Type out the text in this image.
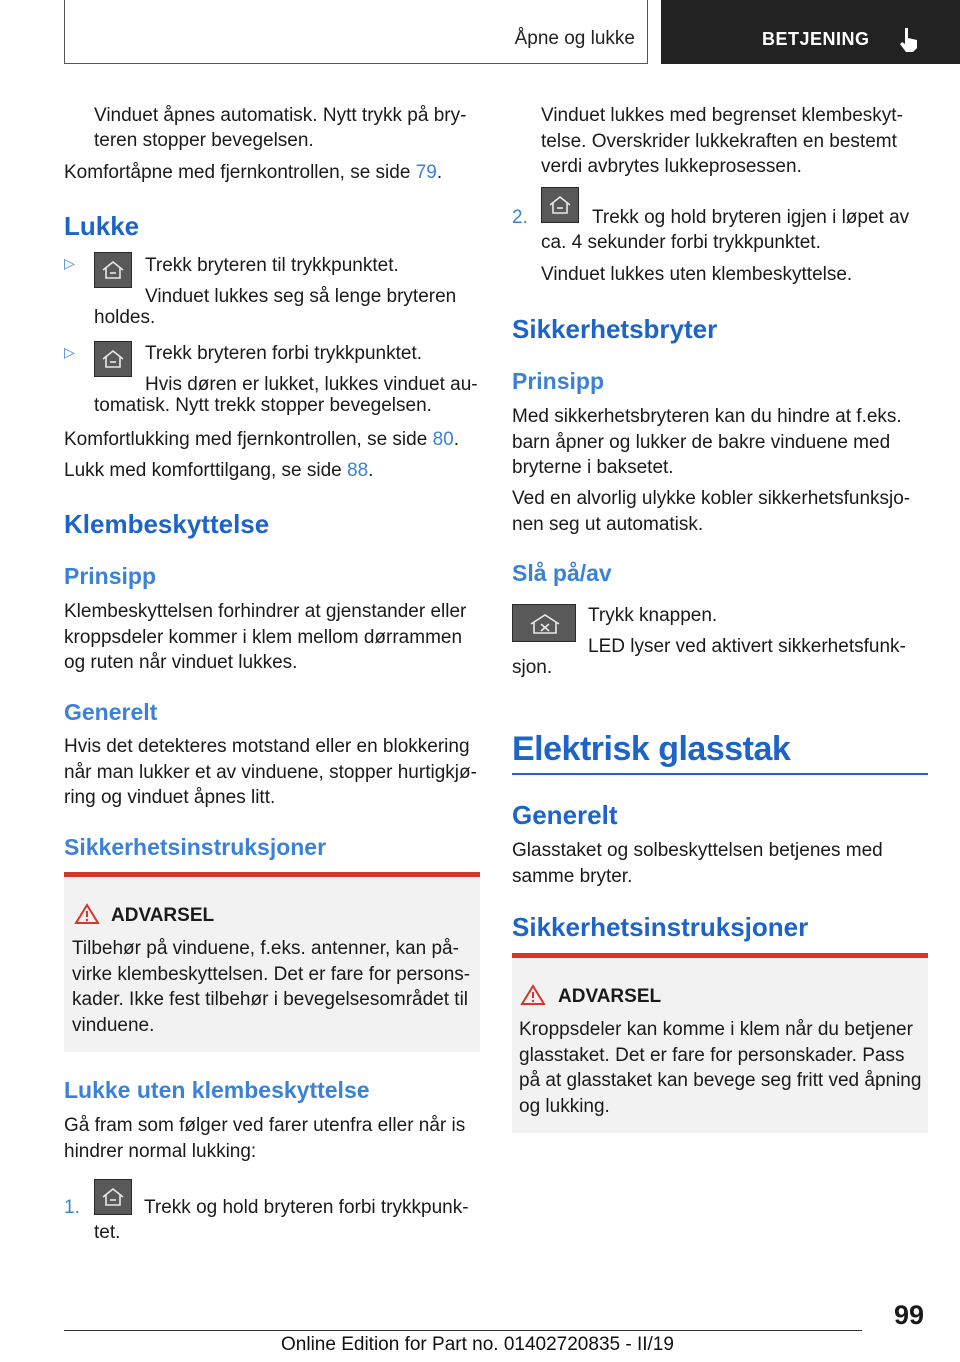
Åpne og lukke	BETJENING
Vinduet åpnes automatisk. Nytt trykk på bry-
teren stopper bevegelsen.
Komfortåpne med fjernkontrollen, se side 79.
Lukke
▷	Trekk bryteren til trykkpunktet.
Vinduet lukkes seg så lenge bryteren
holdes.
▷	Trekk bryteren forbi trykkpunktet.
Hvis døren er lukket, lukkes vinduet au-
tomatisk. Nytt trekk stopper bevegelsen.
Komfortlukking med fjernkontrollen, se side 80.
Lukk med komforttilgang, se side 88.
Klembeskyttelse
Prinsipp
Klembeskyttelsen forhindrer at gjenstander eller
kroppsdeler kommer i klem mellom dørrammen
og ruten når vinduet lukkes.
Generelt
Hvis det detekteres motstand eller en blokkering
når man lukker et av vinduene, stopper hurtigkjø-
ring og vinduet åpnes litt.
Sikkerhetsinstruksjoner
ADVARSEL
Tilbehør på vinduene, f.eks. antenner, kan på-
virke klembeskyttelsen. Det er fare for persons-
kader. Ikke fest tilbehør i bevegelsesområdet til
vinduene.
Lukke uten klembeskyttelse
Gå fram som følger ved farer utenfra eller når is
hindrer normal lukking:
1.	Trekk og hold bryteren forbi trykkpunk-
tet.
Vinduet lukkes med begrenset klembeskyt-
telse. Overskrider lukkekraften en bestemt
verdi avbrytes lukkeprosessen.
2.	Trekk og hold bryteren igjen i løpet av
ca. 4 sekunder forbi trykkpunktet.
Vinduet lukkes uten klembeskyttelse.
Sikkerhetsbryter
Prinsipp
Med sikkerhetsbryteren kan du hindre at f.eks.
barn åpner og lukker de bakre vinduene med
bryterne i baksetet.
Ved en alvorlig ulykke kobler sikkerhetsfunksjo-
nen seg ut automatisk.
Slå på/av
Trykk knappen.
LED lyser ved aktivert sikkerhetsfunk-
sjon.
Elektrisk glasstak
Generelt
Glasstaket og solbeskyttelsen betjenes med
samme bryter.
Sikkerhetsinstruksjoner
ADVARSEL
Kroppsdeler kan komme i klem når du betjener
glasstaket. Det er fare for personskader. Pass
på at glasstaket kan bevege seg fritt ved åpning
og lukking.
99
Online Edition for Part no. 01402720835 - II/19
